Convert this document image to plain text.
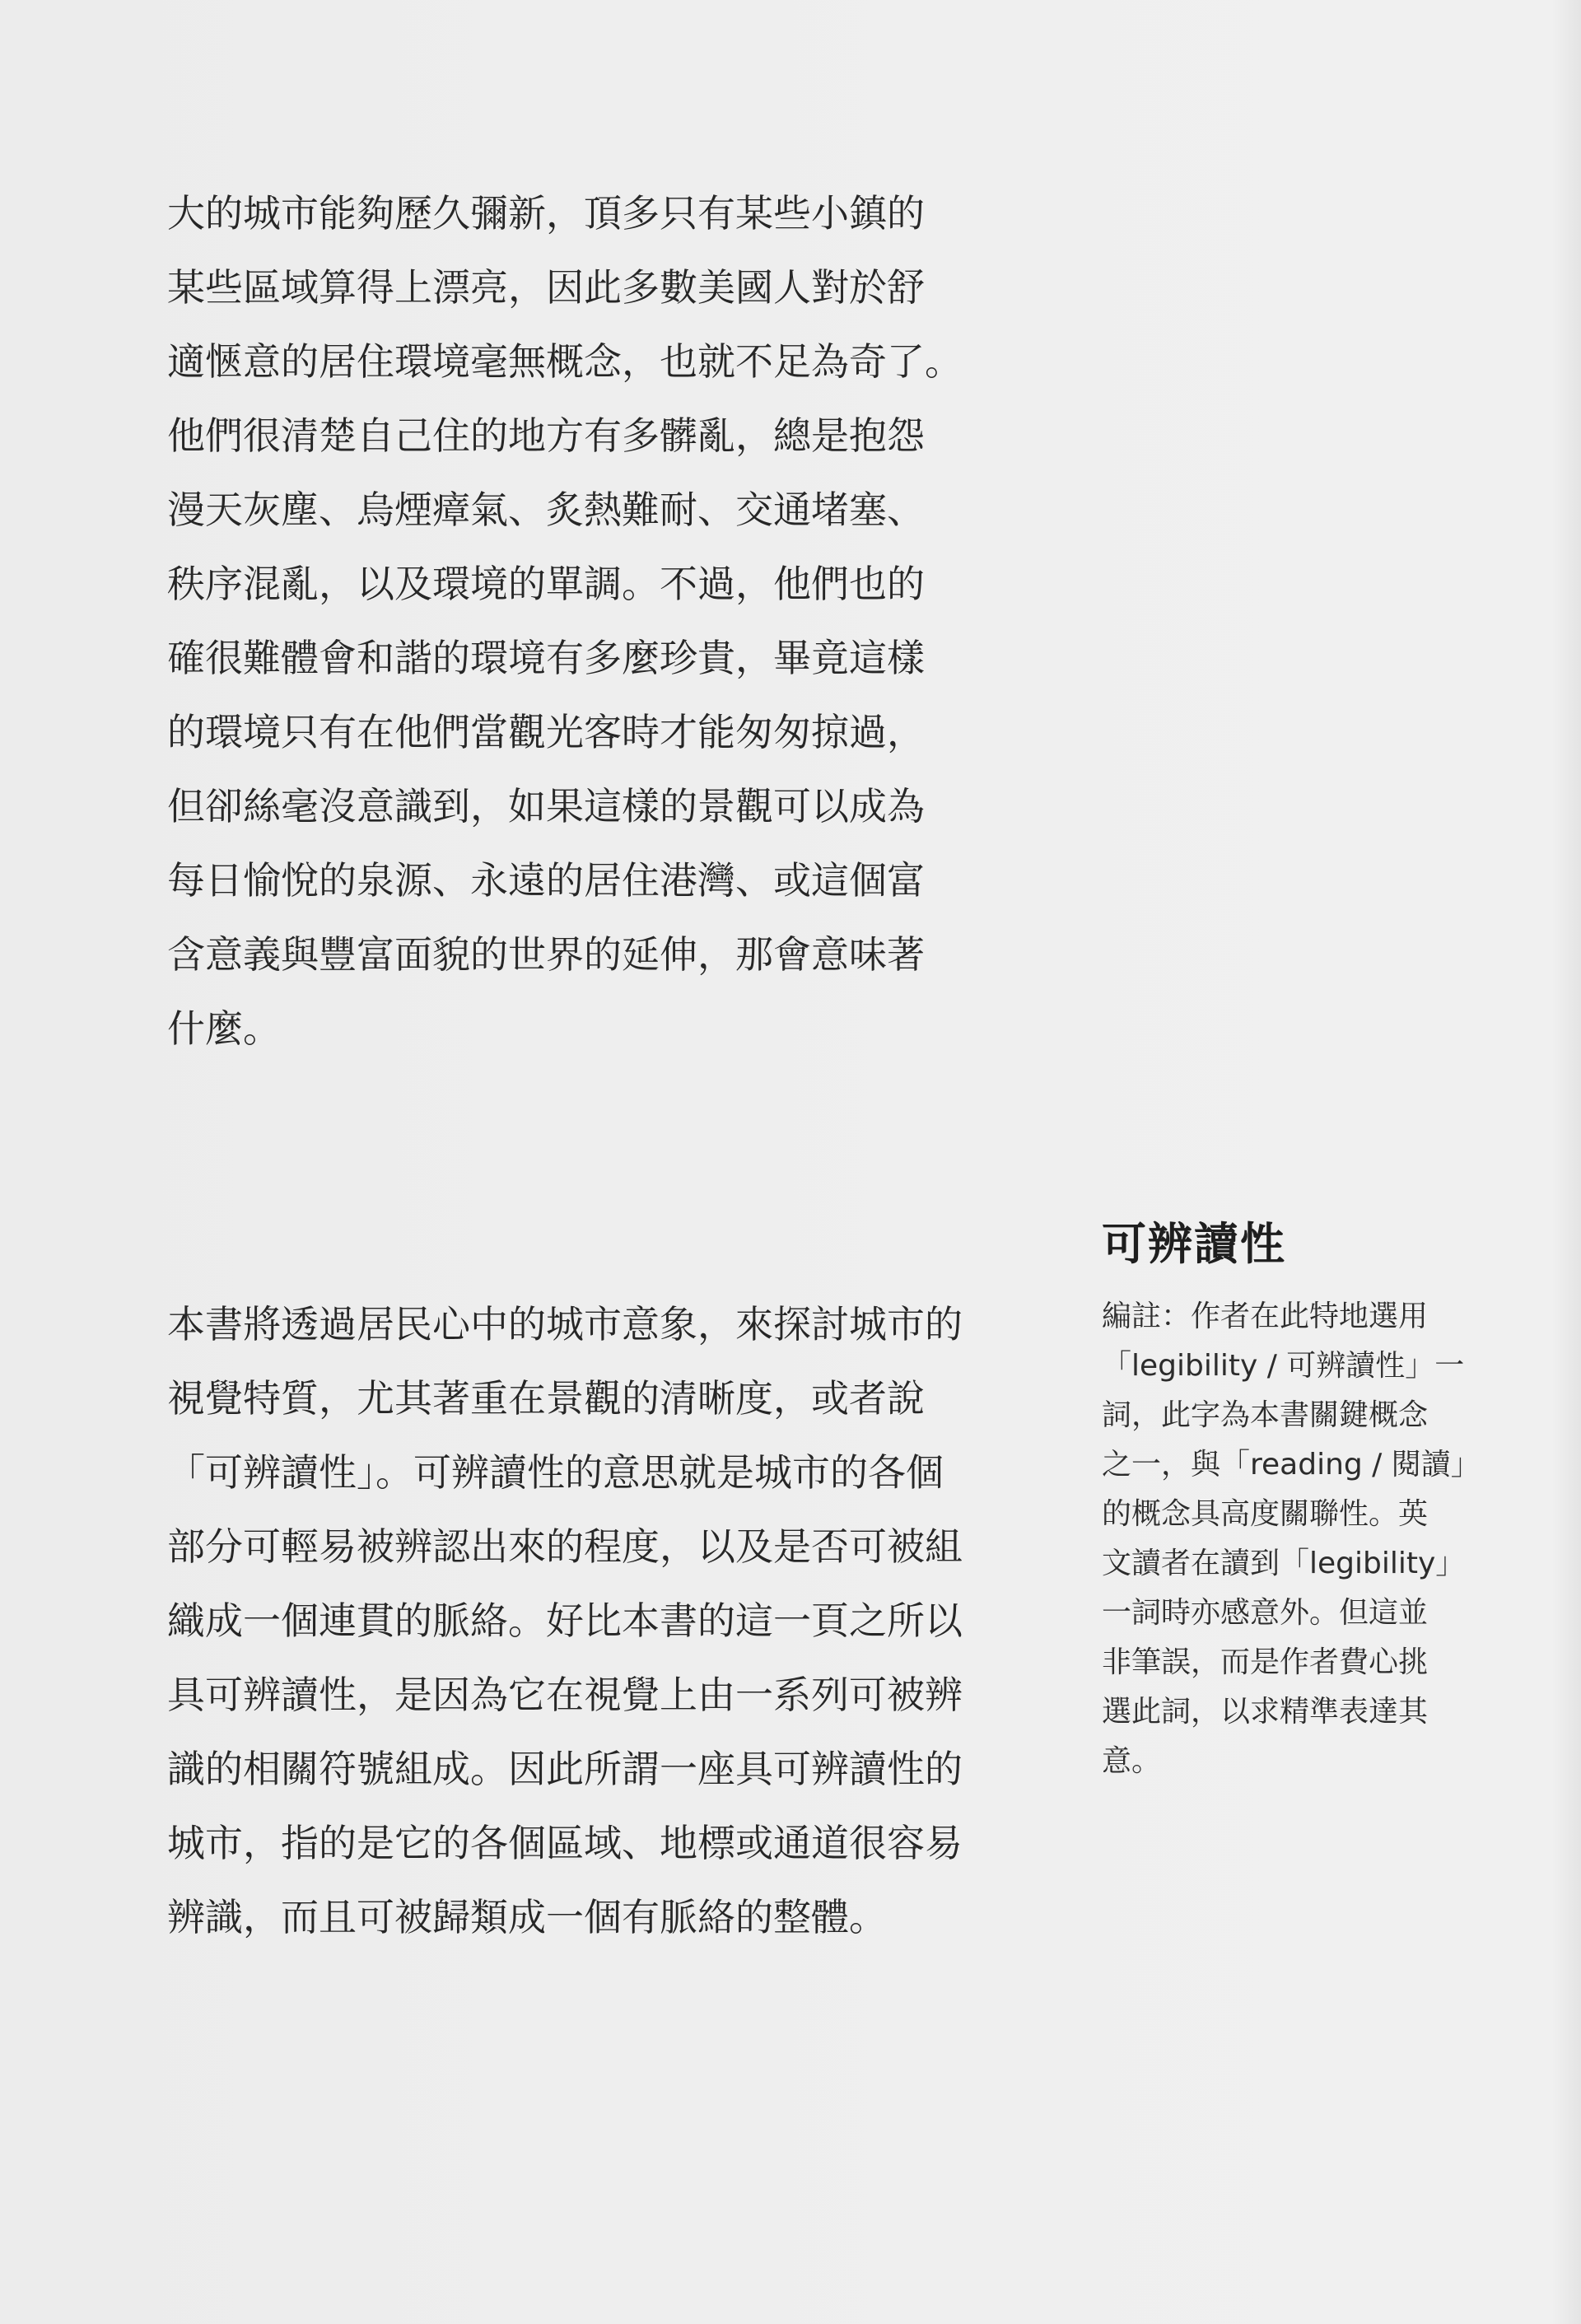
大的城市能夠歷久彌新，頂多只有某些小鎮的
某些區域算得上漂亮，因此多數美國人對於舒
適愜意的居住環境毫無概念，也就不足為奇了。
他們很清楚自己住的地方有多髒亂，總是抱怨
漫天灰塵、烏煙瘴氣、炙熱難耐、交通堵塞、
秩序混亂，以及環境的單調。不過，他們也的
確很難體會和諧的環境有多麼珍貴，畢竟這樣
的環境只有在他們當觀光客時才能匆匆掠過，
但卻絲毫沒意識到，如果這樣的景觀可以成為
每日愉悅的泉源、永遠的居住港灣、或這個富
含意義與豐富面貌的世界的延伸，那會意味著
什麼。

可辨讀性

本書將透過居民心中的城市意象，來探討城市的
視覺特質，尤其著重在景觀的清晰度，或者說
「可辨讀性」。可辨讀性的意思就是城市的各個
部分可輕易被辨認出來的程度，以及是否可被組
織成一個連貫的脈絡。好比本書的這一頁之所以
具可辨讀性，是因為它在視覺上由一系列可被辨
識的相關符號組成。因此所謂一座具可辨讀性的
城市，指的是它的各個區域、地標或通道很容易
辨識，而且可被歸類成一個有脈絡的整體。

編註：作者在此特地選用
「legibility / 可辨讀性」一
詞，此字為本書關鍵概念
之一，與「reading / 閱讀」
的概念具高度關聯性。英
文讀者在讀到「legibility」
一詞時亦感意外。但這並
非筆誤，而是作者費心挑
選此詞，以求精準表達其
意。
